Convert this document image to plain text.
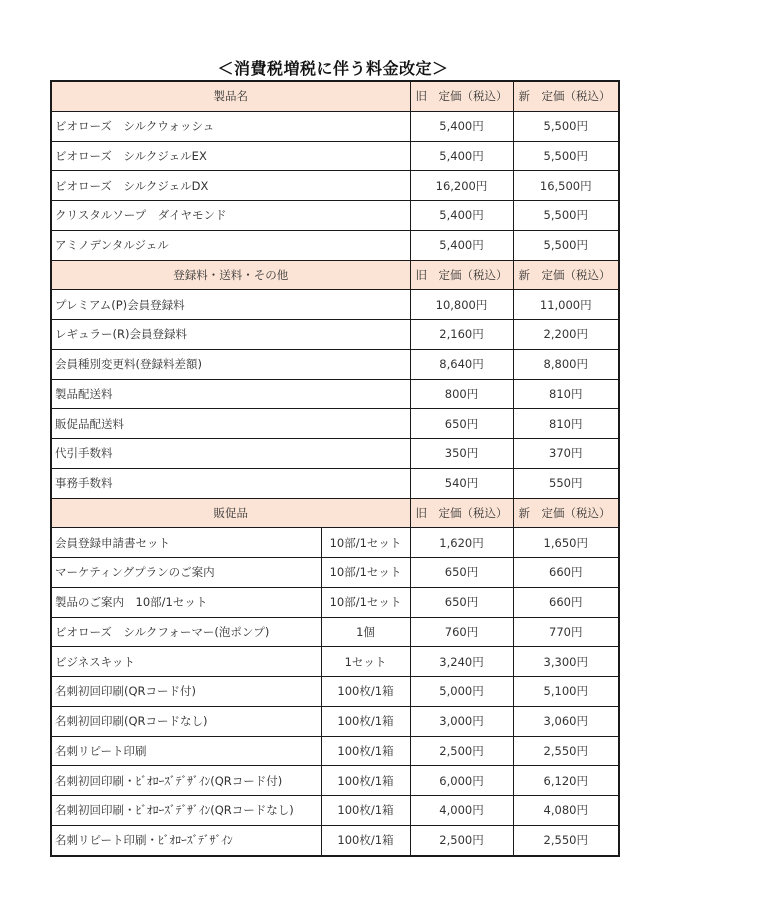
＜消費税増税に伴う料金改定＞
製品名		旧　定価（税込）	新　定価（税込）
ビオローズ　シルクウォッシュ		5,400円	5,500円
ビオローズ　シルクジェルEX		5,400円	5,500円
ビオローズ　シルクジェルDX		16,200円	16,500円
クリスタルソープ　ダイヤモンド		5,400円	5,500円
アミノデンタルジェル		5,400円	5,500円
登録料・送料・その他		旧　定価（税込）	新　定価（税込）
プレミアム(P)会員登録料		10,800円	11,000円
レギュラー(R)会員登録料		2,160円	2,200円
会員種別変更料(登録料差額)		8,640円	8,800円
製品配送料		800円	810円
販促品配送料		650円	810円
代引手数料		350円	370円
事務手数料		540円	550円
販促品		旧　定価（税込）	新　定価（税込）
会員登録申請書セット	10部/1セット	1,620円	1,650円
マーケティングプランのご案内	10部/1セット	650円	660円
製品のご案内　10部/1セット	10部/1セット	650円	660円
ビオローズ　シルクフォーマー(泡ポンプ)	1個	760円	770円
ビジネスキット	1セット	3,240円	3,300円
名刺初回印刷(QRコード付)	100枚/1箱	5,000円	5,100円
名刺初回印刷(QRコードなし)	100枚/1箱	3,000円	3,060円
名刺リピート印刷	100枚/1箱	2,500円	2,550円
名刺初回印刷・ﾋﾞｵﾛｰｽﾞﾃﾞｻﾞｲﾝ(QRコード付)	100枚/1箱	6,000円	6,120円
名刺初回印刷・ﾋﾞｵﾛｰｽﾞﾃﾞｻﾞｲﾝ(QRコードなし)	100枚/1箱	4,000円	4,080円
名刺リピート印刷・ﾋﾞｵﾛｰｽﾞﾃﾞｻﾞｲﾝ	100枚/1箱	2,500円	2,550円
